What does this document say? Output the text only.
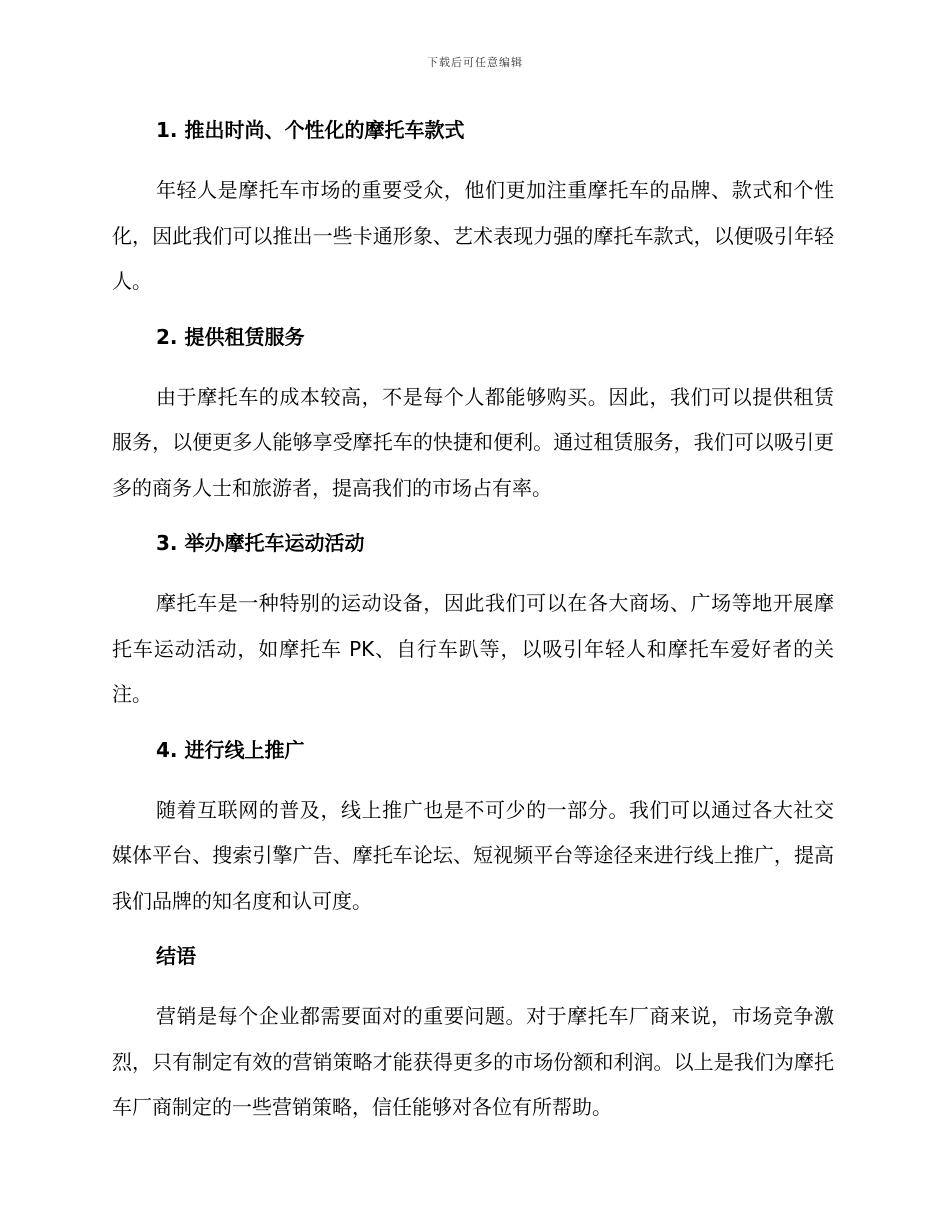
下载后可任意编辑
1. 推出时尚、个性化的摩托车款式

年轻人是摩托车市场的重要受众，他们更加注重摩托车的品牌、款式和个性化，因此我们可以推出一些卡通形象、艺术表现力强的摩托车款式，以便吸引年轻人。

2. 提供租赁服务

由于摩托车的成本较高，不是每个人都能够购买。因此，我们可以提供租赁服务，以便更多人能够享受摩托车的快捷和便利。通过租赁服务，我们可以吸引更多的商务人士和旅游者，提高我们的市场占有率。

3. 举办摩托车运动活动

摩托车是一种特别的运动设备，因此我们可以在各大商场、广场等地开展摩托车运动活动，如摩托车 PK、自行车趴等，以吸引年轻人和摩托车爱好者的关注。

4. 进行线上推广

随着互联网的普及，线上推广也是不可少的一部分。我们可以通过各大社交媒体平台、搜索引擎广告、摩托车论坛、短视频平台等途径来进行线上推广，提高我们品牌的知名度和认可度。

结语

营销是每个企业都需要面对的重要问题。对于摩托车厂商来说，市场竞争激烈，只有制定有效的营销策略才能获得更多的市场份额和利润。以上是我们为摩托车厂商制定的一些营销策略，信任能够对各位有所帮助。
